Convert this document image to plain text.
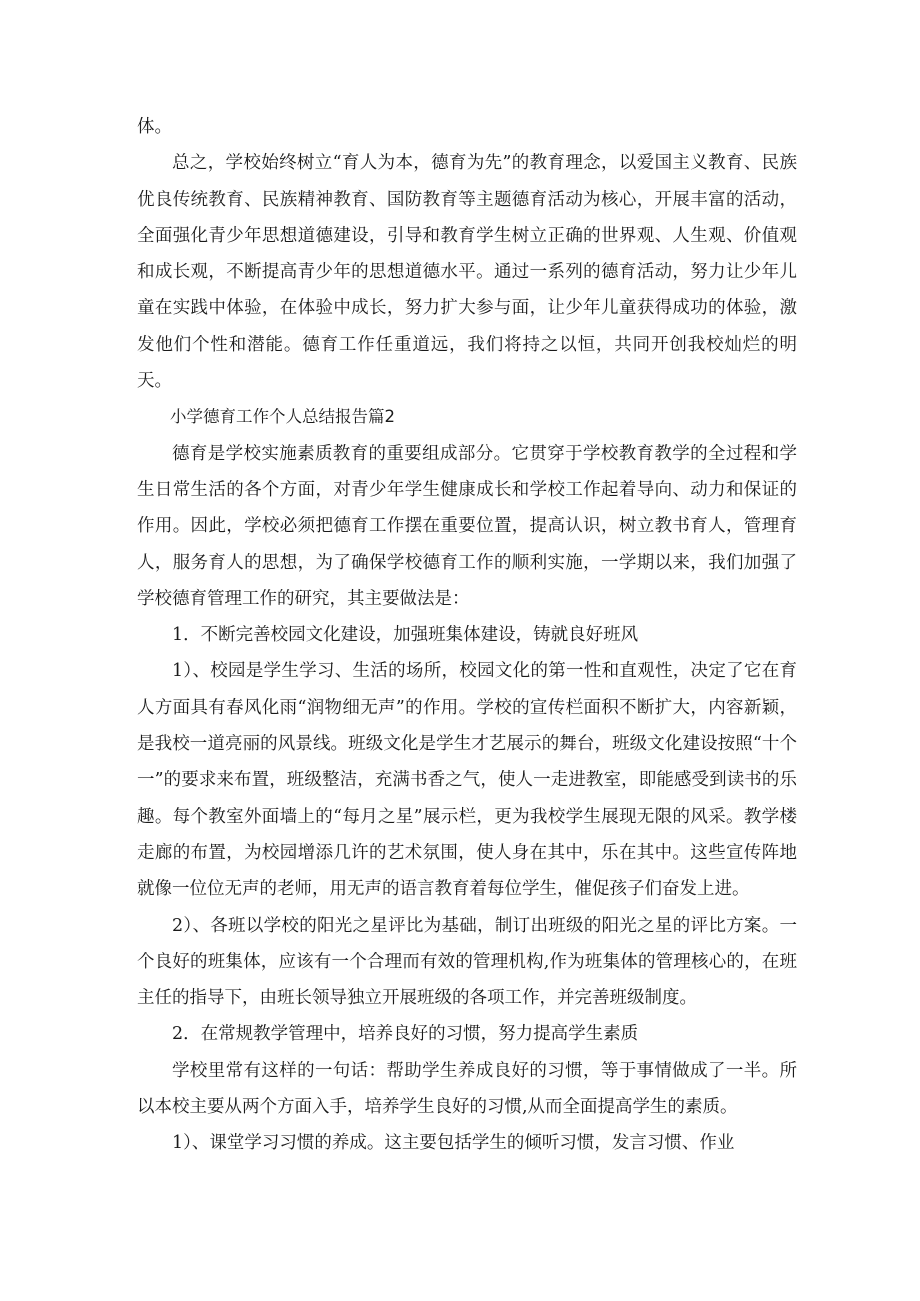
体。

总之，学校始终树立“育人为本，德育为先”的教育理念，以爱国主义教育、民族优良传统教育、民族精神教育、国防教育等主题德育活动为核心，开展丰富的活动，全面强化青少年思想道德建设，引导和教育学生树立正确的世界观、人生观、价值观和成长观，不断提高青少年的思想道德水平。通过一系列的德育活动，努力让少年儿童在实践中体验，在体验中成长，努力扩大参与面，让少年儿童获得成功的体验，激发他们个性和潜能。德育工作任重道远，我们将持之以恒，共同开创我校灿烂的明天。

小学德育工作个人总结报告篇2

德育是学校实施素质教育的重要组成部分。它贯穿于学校教育教学的全过程和学生日常生活的各个方面，对青少年学生健康成长和学校工作起着导向、动力和保证的作用。因此，学校必须把德育工作摆在重要位置，提高认识，树立教书育人，管理育人，服务育人的思想，为了确保学校德育工作的顺利实施，一学期以来，我们加强了学校德育管理工作的研究，其主要做法是：

1．不断完善校园文化建设，加强班集体建设，铸就良好班风

1）、校园是学生学习、生活的场所，校园文化的第一性和直观性，决定了它在育人方面具有春风化雨“润物细无声”的作用。学校的宣传栏面积不断扩大，内容新颖，是我校一道亮丽的风景线。班级文化是学生才艺展示的舞台，班级文化建设按照“十个一”的要求来布置，班级整洁，充满书香之气，使人一走进教室，即能感受到读书的乐趣。每个教室外面墙上的“每月之星”展示栏，更为我校学生展现无限的风采。教学楼走廊的布置，为校园增添几许的艺术氛围，使人身在其中，乐在其中。这些宣传阵地就像一位位无声的老师，用无声的语言教育着每位学生，催促孩子们奋发上进。

2）、各班以学校的阳光之星评比为基础，制订出班级的阳光之星的评比方案。一个良好的班集体，应该有一个合理而有效的管理机构,作为班集体的管理核心的，在班主任的指导下，由班长领导独立开展班级的各项工作，并完善班级制度。

2．在常规教学管理中，培养良好的习惯，努力提高学生素质

学校里常有这样的一句话：帮助学生养成良好的习惯，等于事情做成了一半。所以本校主要从两个方面入手，培养学生良好的习惯,从而全面提高学生的素质。

1）、课堂学习习惯的养成。这主要包括学生的倾听习惯，发言习惯、作业
